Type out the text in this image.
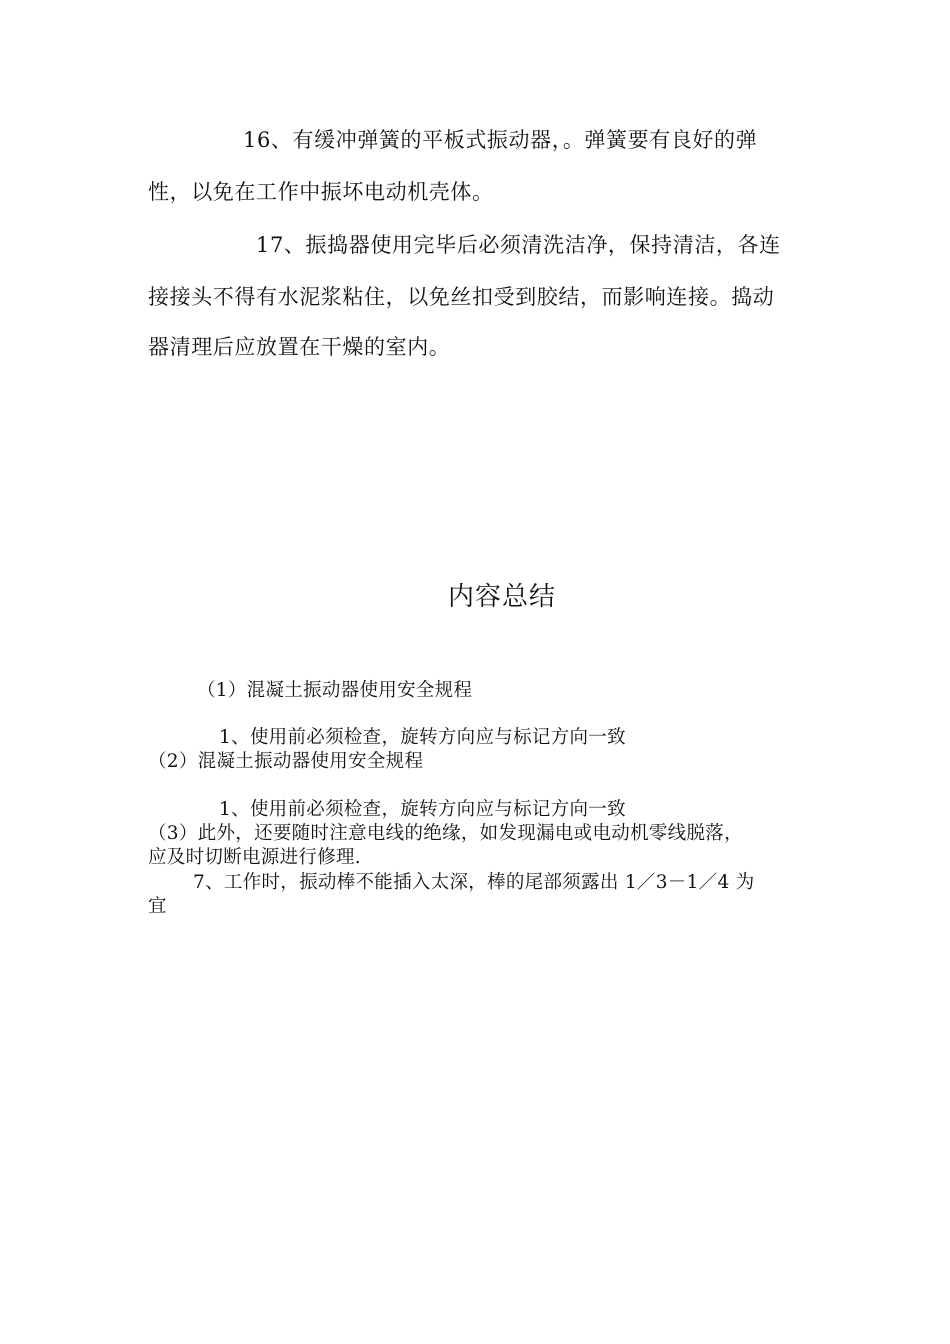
16、有缓冲弹簧的平板式振动器，。弹簧要有良好的弹

性，以免在工作中振坏电动机壳体。

17、振捣器使用完毕后必须清洗洁净，保持清洁，各连

接接头不得有水泥浆粘住，以免丝扣受到胶结，而影响连接。捣动

器清理后应放置在干燥的室内。

内容总结

（1）混凝土振动器使用安全规程

1、使用前必须检查，旋转方向应与标记方向一致

（2）混凝土振动器使用安全规程

1、使用前必须检查，旋转方向应与标记方向一致

（3）此外，还要随时注意电线的绝缘，如发现漏电或电动机零线脱落，

应及时切断电源进行修理.

7、工作时，振动棒不能插入太深，棒的尾部须露出 1／3－1／4 为

宜
